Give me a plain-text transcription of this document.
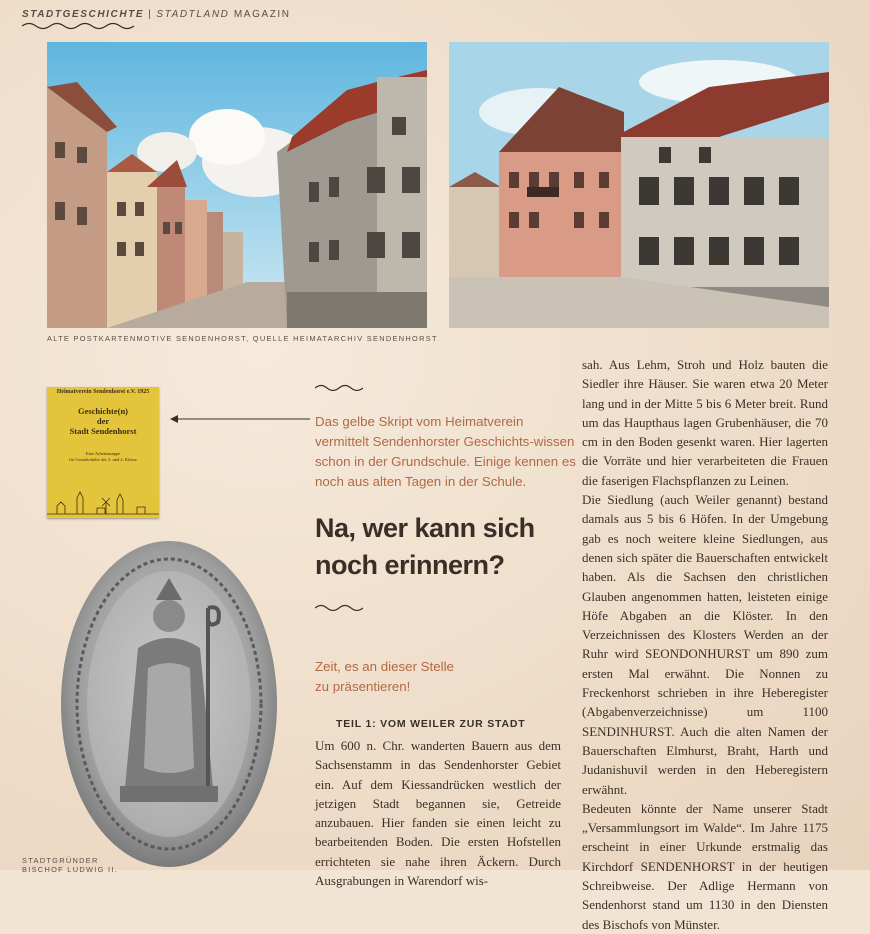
STADTGESCHICHTE | STADTLAND MAGAZIN
ALTE POSTKARTENMOTIVE SENDENHORST, QUELLE HEIMATARCHIV SENDENHORST
Heimatverein Sendenhorst e.V. 1925
Geschichte(n)
der
Stadt Sendenhorst
Eine Arbeitsmappe
für Grundschüler der 3. und 4. Klasse
STADTGRÜNDER
BISCHOF LUDWIG II.
Das gelbe Skript vom Heimatverein vermittelt Sendenhorster Geschichts-wissen schon in der Grundschule. Einige kennen es noch aus alten Tagen in der Schule.
Na, wer kann sich
noch erinnern?
Zeit, es an dieser Stelle
zu präsentieren!
TEIL 1: VOM WEILER ZUR STADT
Um 600 n. Chr. wanderten Bauern aus dem Sachsenstamm in das Sendenhorster Gebiet ein. Auf dem Kiessandrücken westlich der jetzigen Stadt begannen sie, Getreide anzubauen. Hier fanden sie einen leicht zu bearbeitenden Boden. Die ersten Hofstellen errichteten sie nahe ihren Äckern. Durch Ausgrabungen in Warendorf wis-

sah. Aus Lehm, Stroh und Holz bauten die Siedler ihre Häuser. Sie waren etwa 20 Meter lang und in der Mitte 5 bis 6 Meter breit. Rund um das Haupthaus lagen Grubenhäuser, die 70 cm in den Boden gesenkt waren. Hier lagerten die Vorräte und hier verarbeiteten die Frauen die faserigen Flachspflanzen zu Leinen.

Die Siedlung (auch Weiler genannt) bestand damals aus 5 bis 6 Höfen. In der Umgebung gab es noch weitere kleine Siedlungen, aus denen sich später die Bauerschaften entwickelt haben. Als die Sachsen den christlichen Glauben angenommen hatten, leisteten einige Höfe Abgaben an die Klöster. In den Verzeichnissen des Klosters Werden an der Ruhr wird SEONDONHURST um 890 zum ersten Mal erwähnt. Die Nonnen zu Freckenhorst schrieben in ihre Heberegister (Abgabenverzeichnisse) um 1100 SENDINHURST. Auch die alten Namen der Bauerschaften Elmhurst, Braht, Harth und Judanishuvil werden in den Heberegistern erwähnt.

Bedeuten könnte der Name unserer Stadt „Versammlungsort im Walde“. Im Jahre 1175 erscheint in einer Urkunde erstmalig das Kirchdorf SENDENHORST in der heutigen Schreibweise. Der Adlige Hermann von Sendenhorst stand um 1130 in den Diensten des Bischofs von Münster.
